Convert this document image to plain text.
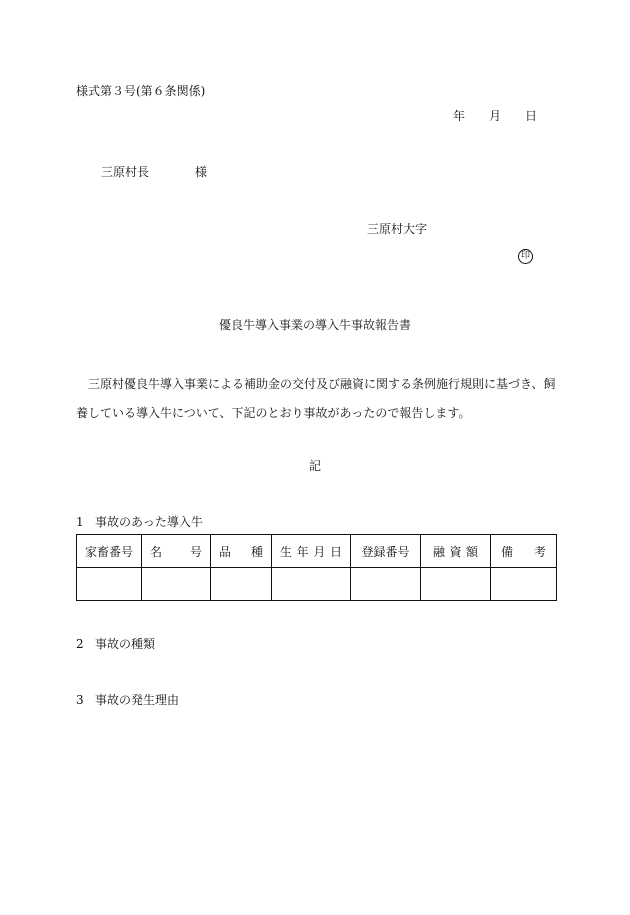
様式第３号(第６条関係)
年 月 日
三原村長	様
三原村大字
印
優良牛導入事業の導入牛事故報告書
三原村優良牛導入事業による補助金の交付及び融資に関する条例施行規則に基づき、飼養している導入牛について、下記のとおり事故があったので報告します。
記
1 事故のあった導入牛
家畜番号	名 号	品 種	生 年 月 日	登録番号	融 資 額	備 考

2 事故の種類
3 事故の発生理由
